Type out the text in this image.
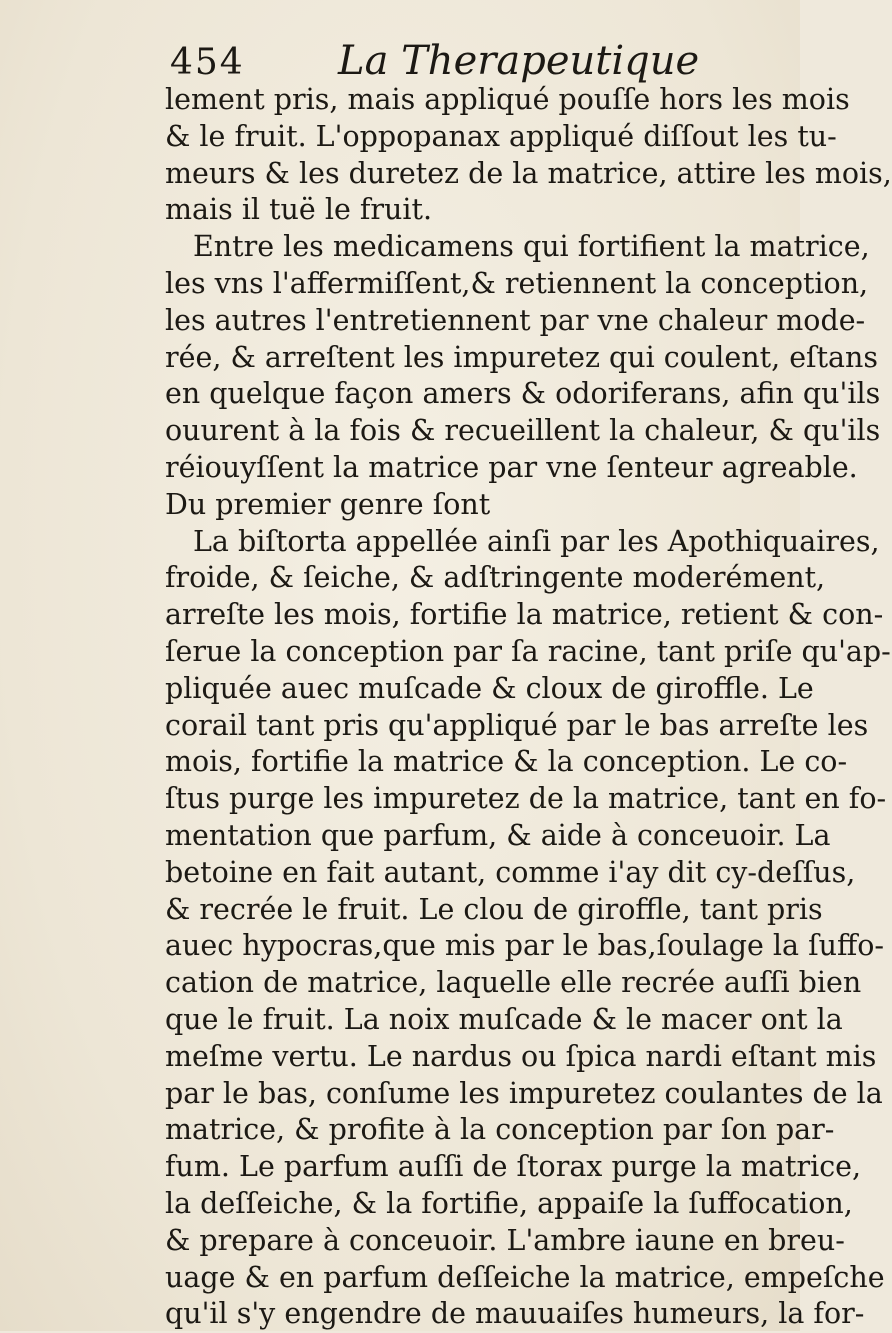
454 La Therapeutique
lement pris, mais appliqué pouſſe hors les mois
& le fruit. L'oppopanax appliqué diſſout les tu-
meurs & les duretez de la matrice, attire les mois,
mais il tuë le fruit.
Entre les medicamens qui fortifient la matrice,
les vns l'affermiſſent,& retiennent la conception,
les autres l'entretiennent par vne chaleur mode-
rée, & arreſtent les impuretez qui coulent, eſtans
en quelque façon amers & odoriferans, afin qu'ils
ouurent à la fois & recueillent la chaleur, & qu'ils
réiouyſſent la matrice par vne ſenteur agreable.
Du premier genre ſont
La biſtorta appellée ainſi par les Apothiquaires,
froide, & ſeiche, & adſtringente moderément,
arreſte les mois, fortifie la matrice, retient & con-
ſerue la conception par ſa racine, tant priſe qu'ap-
pliquée auec muſcade & cloux de giroffle. Le
corail tant pris qu'appliqué par le bas arreſte les
mois, fortifie la matrice & la conception. Le co-
ſtus purge les impuretez de la matrice, tant en fo-
mentation que parfum, & aide à conceuoir. La
betoine en fait autant, comme i'ay dit cy-deſſus,
& recrée le fruit. Le clou de giroffle, tant pris
auec hypocras,que mis par le bas,ſoulage la ſuffo-
cation de matrice, laquelle elle recrée auſſi bien
que le fruit. La noix muſcade & le macer ont la
meſme vertu. Le nardus ou ſpica nardi eſtant mis
par le bas, conſume les impuretez coulantes de la
matrice, & profite à la conception par ſon par-
fum. Le parfum auſſi de ſtorax purge la matrice,
la deſſeiche, & la fortifie, appaiſe la ſuffocation,
& prepare à conceuoir. L'ambre iaune en breu-
uage & en parfum deſſeiche la matrice, empeſche
qu'il s'y engendre de mauuaiſes humeurs, la for-
